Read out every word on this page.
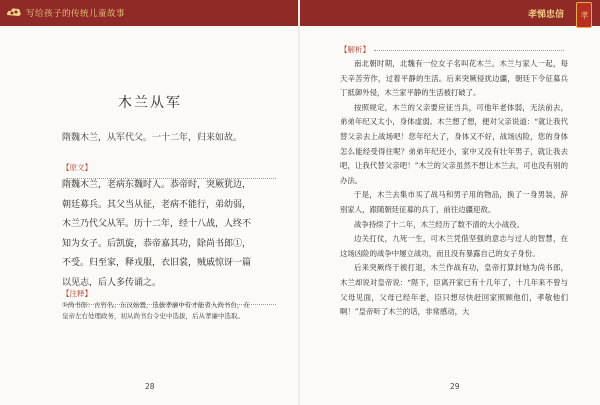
写给孩子的传统儿童故事
木兰从军
隋魏木兰，从军代父。一十二年，归来如故。
【原文】
隋魏木兰，老病东魏时人。恭帝时，突厥犹边，朝廷募兵。其父当从征，老病不能行，弟幼弱，木兰乃代父从军。历十二年，经十八战，人终不知为女子。后凯旋，恭帝嘉其功，除尚书郎①，不受。归至家，释戎服，衣旧裳，贼戚惊讶一篇以见志，后人多传诵之。
【注释】
①尚书郎：古官名。东汉始置，选拔孝廉中有才能者入尚书台，在皇帝左右处理政务，初从尚书台令史中选拔，后从孝廉中选取。
28
孝悌忠信 孝
【解析】

南北朝时期，北魏有一位女子名叫花木兰。木兰与家人一起，每天辛苦劳作，过着平静的生活。后来突厥侵扰边疆，朝廷下令征募兵丁抵御外侵，木兰家平静的生活被打破了。

按照规定，木兰的父亲要应征当兵，可他年老体弱，无法前去，弟弟年纪又太小，身体虚弱。木兰想了想，便对父亲说道：“就让我代替父亲去上战场吧！您年纪大了，身体又不好，战场凶险，您的身体怎么能经受得住呢？弟弟年纪还小，家中又没有壮年男子，就让我去吧，让我代替父亲吧！”木兰的父亲虽然不想让木兰去，可也没有别的办法。

于是，木兰去集市买了战马和男子用的物品，换了一身男装，辞别家人，跟随朝廷征募的兵丁，前往边疆迎敌。

战争持续了十二年，木兰经历了数不清的大小战役。

边关打仗，九死一生，可木兰凭借坚强的意志与过人的智慧，在这场凶险的战争中屡立战功，而且没有暴露自己的女子身份。

后来突厥终于被打退，木兰作战有功，皇帝打算封她为尚书郎，木兰却说对皇帝说：“陛下，臣离开家已有十几年了，十几年来不曾与父母见面，父母已经年老，臣只想尽快赶回家照顾他们，孝敬他们啊！”皇帝听了木兰的话，非常感动，大

29
